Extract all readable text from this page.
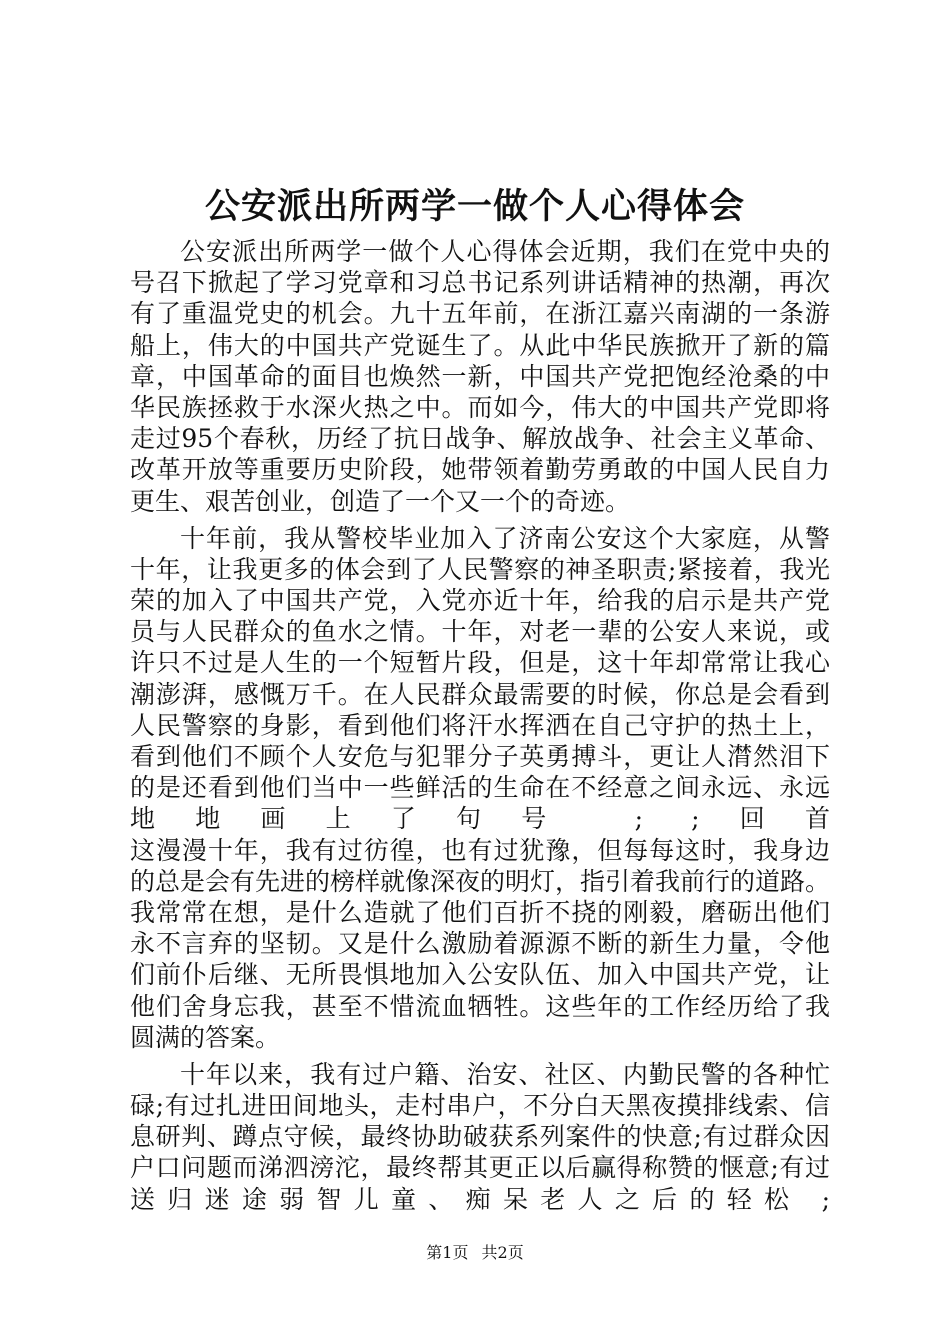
公安派出所两学一做个人心得体会
公安派出所两学一做个人心得体会近期，我们在党中央的
号召下掀起了学习党章和习总书记系列讲话精神的热潮，再次
有了重温党史的机会。九十五年前，在浙江嘉兴南湖的一条游
船上，伟大的中国共产党诞生了。从此中华民族掀开了新的篇
章，中国革命的面目也焕然一新，中国共产党把饱经沧桑的中
华民族拯救于水深火热之中。而如今，伟大的中国共产党即将
走过95个春秋，历经了抗日战争、解放战争、社会主义革命、
改革开放等重要历史阶段，她带领着勤劳勇敢的中国人民自力
更生、艰苦创业，创造了一个又一个的奇迹。
十年前，我从警校毕业加入了济南公安这个大家庭，从警
十年，让我更多的体会到了人民警察的神圣职责;紧接着，我光
荣的加入了中国共产党，入党亦近十年，给我的启示是共产党
员与人民群众的鱼水之情。十年，对老一辈的公安人来说，或
许只不过是人生的一个短暂片段，但是，这十年却常常让我心
潮澎湃，感慨万千。在人民群众最需要的时候，你总是会看到
人民警察的身影，看到他们将汗水挥洒在自己守护的热土上，
看到他们不顾个人安危与犯罪分子英勇搏斗，更让人潸然泪下
的是还看到他们当中一些鲜活的生命在不经意之间永远、永远
地地画上了句号 ; ;回首
这漫漫十年，我有过彷徨，也有过犹豫，但每每这时，我身边
的总是会有先进的榜样就像深夜的明灯，指引着我前行的道路。
我常常在想，是什么造就了他们百折不挠的刚毅，磨砺出他们
永不言弃的坚韧。又是什么激励着源源不断的新生力量，令他
们前仆后继、无所畏惧地加入公安队伍、加入中国共产党，让
他们舍身忘我，甚至不惜流血牺牲。这些年的工作经历给了我
圆满的答案。
十年以来，我有过户籍、治安、社区、内勤民警的各种忙
碌;有过扎进田间地头，走村串户，不分白天黑夜摸排线索、信
息研判、蹲点守候，最终协助破获系列案件的快意;有过群众因
户口问题而涕泗滂沱，最终帮其更正以后赢得称赞的惬意;有过
送归迷途弱智儿童、痴呆老人之后的轻松 ;
第1页 共2页
